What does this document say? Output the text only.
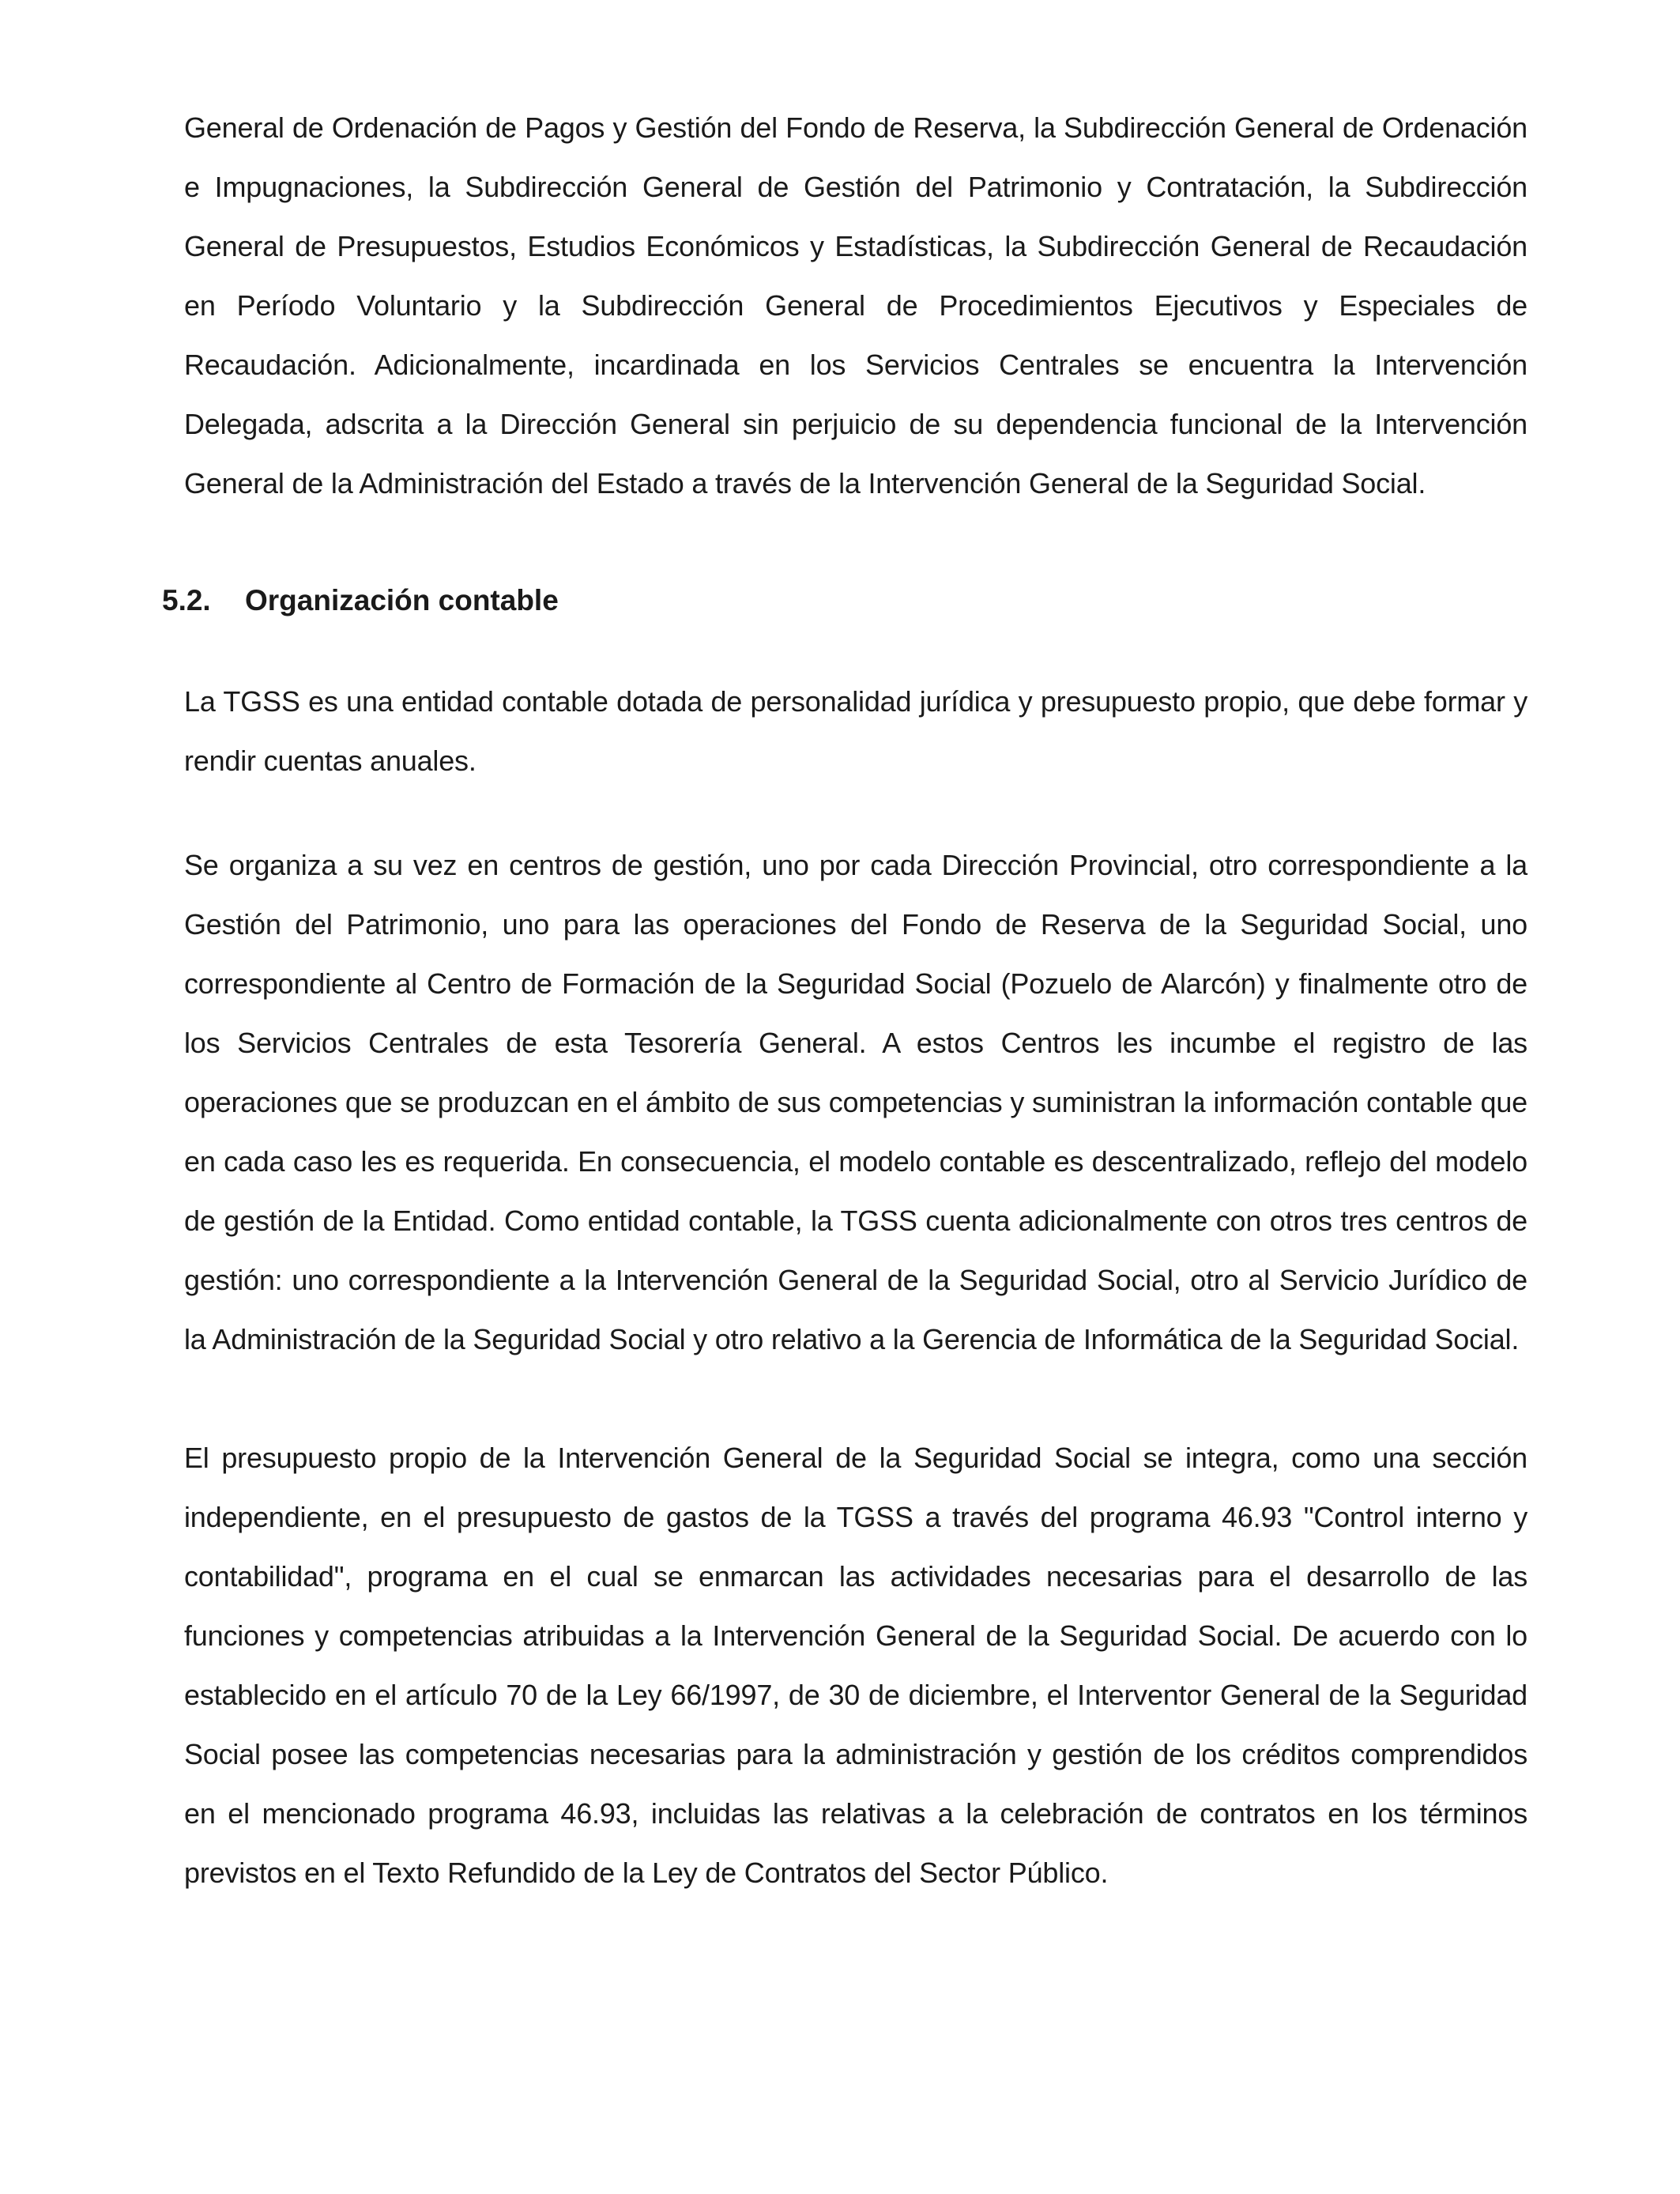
General de Ordenación de Pagos y Gestión del Fondo de Reserva, la Subdirección General de Ordenación e Impugnaciones, la Subdirección General de Gestión del Patrimonio y Contratación, la Subdirección General de Presupuestos, Estudios Económicos y Estadísticas, la Subdirección General de Recaudación en Período Voluntario y la Subdirección General de Procedimientos Ejecutivos y Especiales de Recaudación. Adicionalmente, incardinada en los Servicios Centrales se encuentra la Intervención Delegada, adscrita a la Dirección General sin perjuicio de su dependencia funcional de la Intervención General de la Administración del Estado a través de la Intervención General de la Seguridad Social.

5.2. Organización contable

La TGSS es una entidad contable dotada de personalidad jurídica y presupuesto propio, que debe formar y rendir cuentas anuales.

Se organiza a su vez en centros de gestión, uno por cada Dirección Provincial, otro correspondiente a la Gestión del Patrimonio, uno para las operaciones del Fondo de Reserva de la Seguridad Social, uno correspondiente al Centro de Formación de la Seguridad Social (Pozuelo de Alarcón) y finalmente otro de los Servicios Centrales de esta Tesorería General. A estos Centros les incumbe el registro de las operaciones que se produzcan en el ámbito de sus competencias y suministran la información contable que en cada caso les es requerida. En consecuencia, el modelo contable es descentralizado, reflejo del modelo de gestión de la Entidad. Como entidad contable, la TGSS cuenta adicionalmente con otros tres centros de gestión: uno correspondiente a la Intervención General de la Seguridad Social, otro al Servicio Jurídico de la Administración de la Seguridad Social y otro relativo a la Gerencia de Informática de la Seguridad Social.

El presupuesto propio de la Intervención General de la Seguridad Social se integra, como una sección independiente, en el presupuesto de gastos de la TGSS a través del programa 46.93 "Control interno y contabilidad", programa en el cual se enmarcan las actividades necesarias para el desarrollo de las funciones y competencias atribuidas a la Intervención General de la Seguridad Social. De acuerdo con lo establecido en el artículo 70 de la Ley 66/1997, de 30 de diciembre, el Interventor General de la Seguridad Social posee las competencias necesarias para la administración y gestión de los créditos comprendidos en el mencionado programa 46.93, incluidas las relativas a la celebración de contratos en los términos previstos en el Texto Refundido de la Ley de Contratos del Sector Público.
